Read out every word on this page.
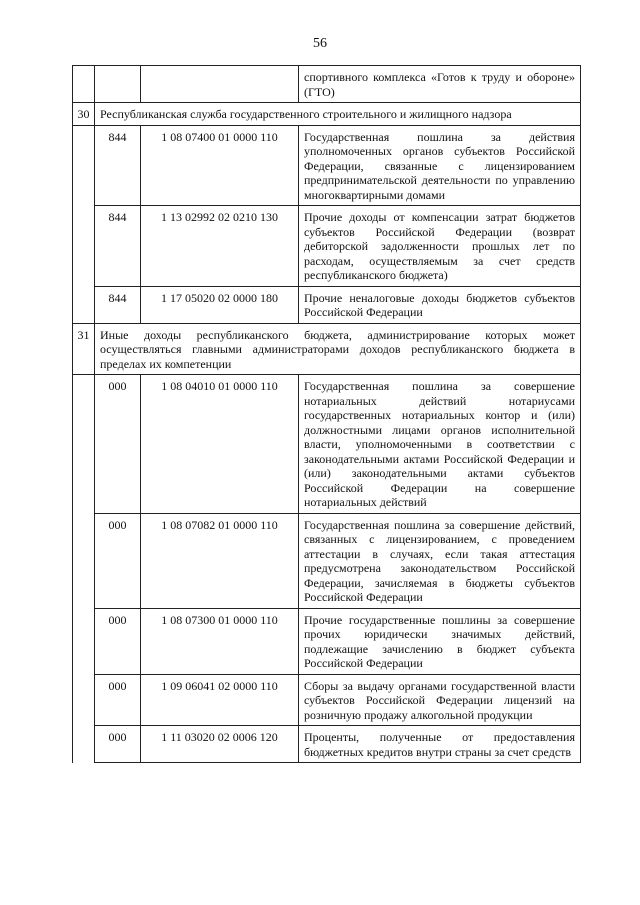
56
			спортивного комплекса «Готов к труду и обороне» (ГТО)
30	Республиканская служба государственного строительного и жилищного надзора		
	844	1 08 07400 01 0000 110	Государственная пошлина за действия уполномоченных органов субъектов Российской Федерации, связанные с лицензированием предпринимательской деятельности по управлению многоквартирными домами
	844	1 13 02992 02 0210 130	Прочие доходы от компенсации затрат бюджетов субъектов Российской Федерации (возврат дебиторской задолженности прошлых лет по расходам, осуществляемым за счет средств республиканского бюджета)
	844	1 17 05020 02 0000 180	Прочие неналоговые доходы бюджетов субъектов Российской Федерации
31	Иные доходы республиканского бюджета, администрирование которых может осуществляться главными администраторами доходов республиканского бюджета в пределах их компетенции		
	000	1 08 04010 01 0000 110	Государственная пошлина за совершение нотариальных действий нотариусами государственных нотариальных контор и (или) должностными лицами органов исполнительной власти, уполномоченными в соответствии с законодательными актами Российской Федерации и (или) законодательными актами субъектов Российской Федерации на совершение нотариальных действий
	000	1 08 07082 01 0000 110	Государственная пошлина за совершение действий, связанных с лицензированием, с проведением аттестации в случаях, если такая аттестация предусмотрена законодательством Российской Федерации, зачисляемая в бюджеты субъектов Российской Федерации
	000	1 08 07300 01 0000 110	Прочие государственные пошлины за совершение прочих юридически значимых действий, подлежащие зачислению в бюджет субъекта Российской Федерации
	000	1 09 06041 02 0000 110	Сборы за выдачу органами государственной власти субъектов Российской Федерации лицензий на розничную продажу алкогольной продукции
	000	1 11 03020 02 0006 120	Проценты, полученные от предоставления бюджетных кредитов внутри страны за счет средств
